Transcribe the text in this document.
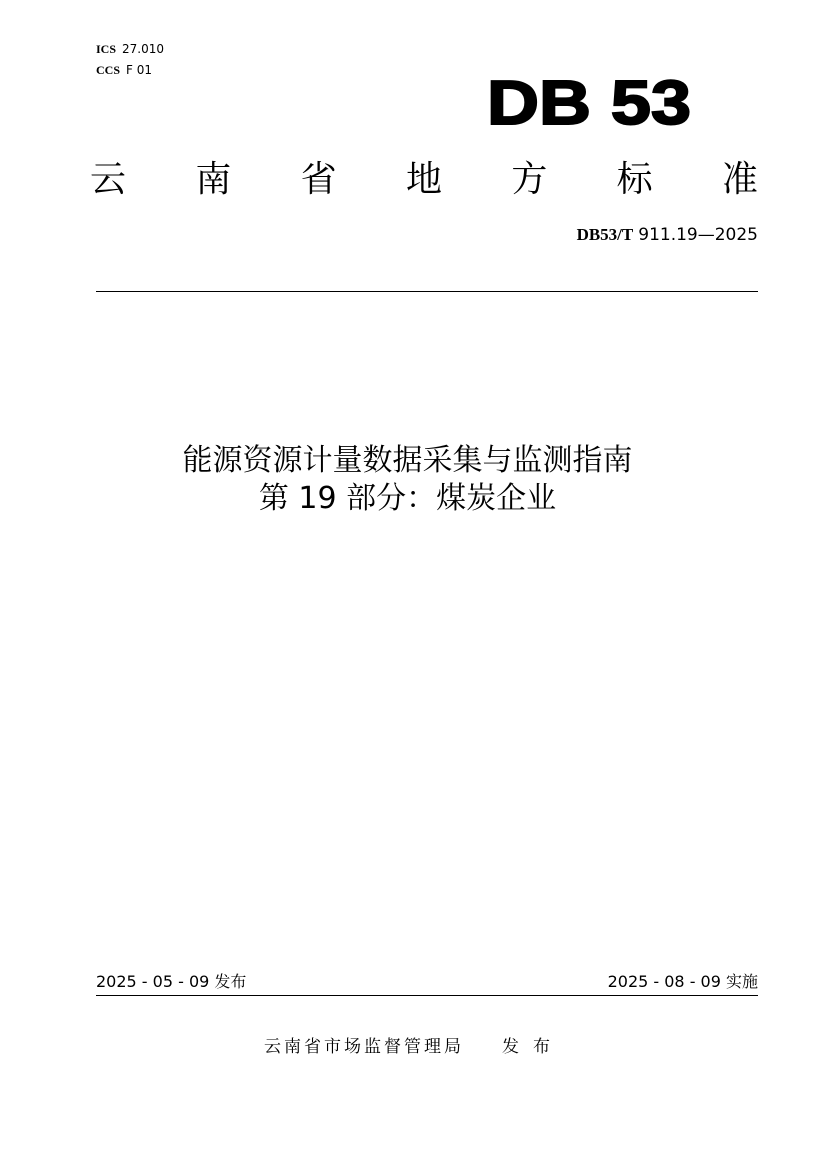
ICS 27.010
CCS F 01	DB 53
云 南 省 地 方 标 准
DB53/T 911.19—2025
能源资源计量数据采集与监测指南
第 19 部分：煤炭企业
2025 - 05 - 09 发布	2025 - 08 - 09 实施
云南省市场监督管理局 发布
